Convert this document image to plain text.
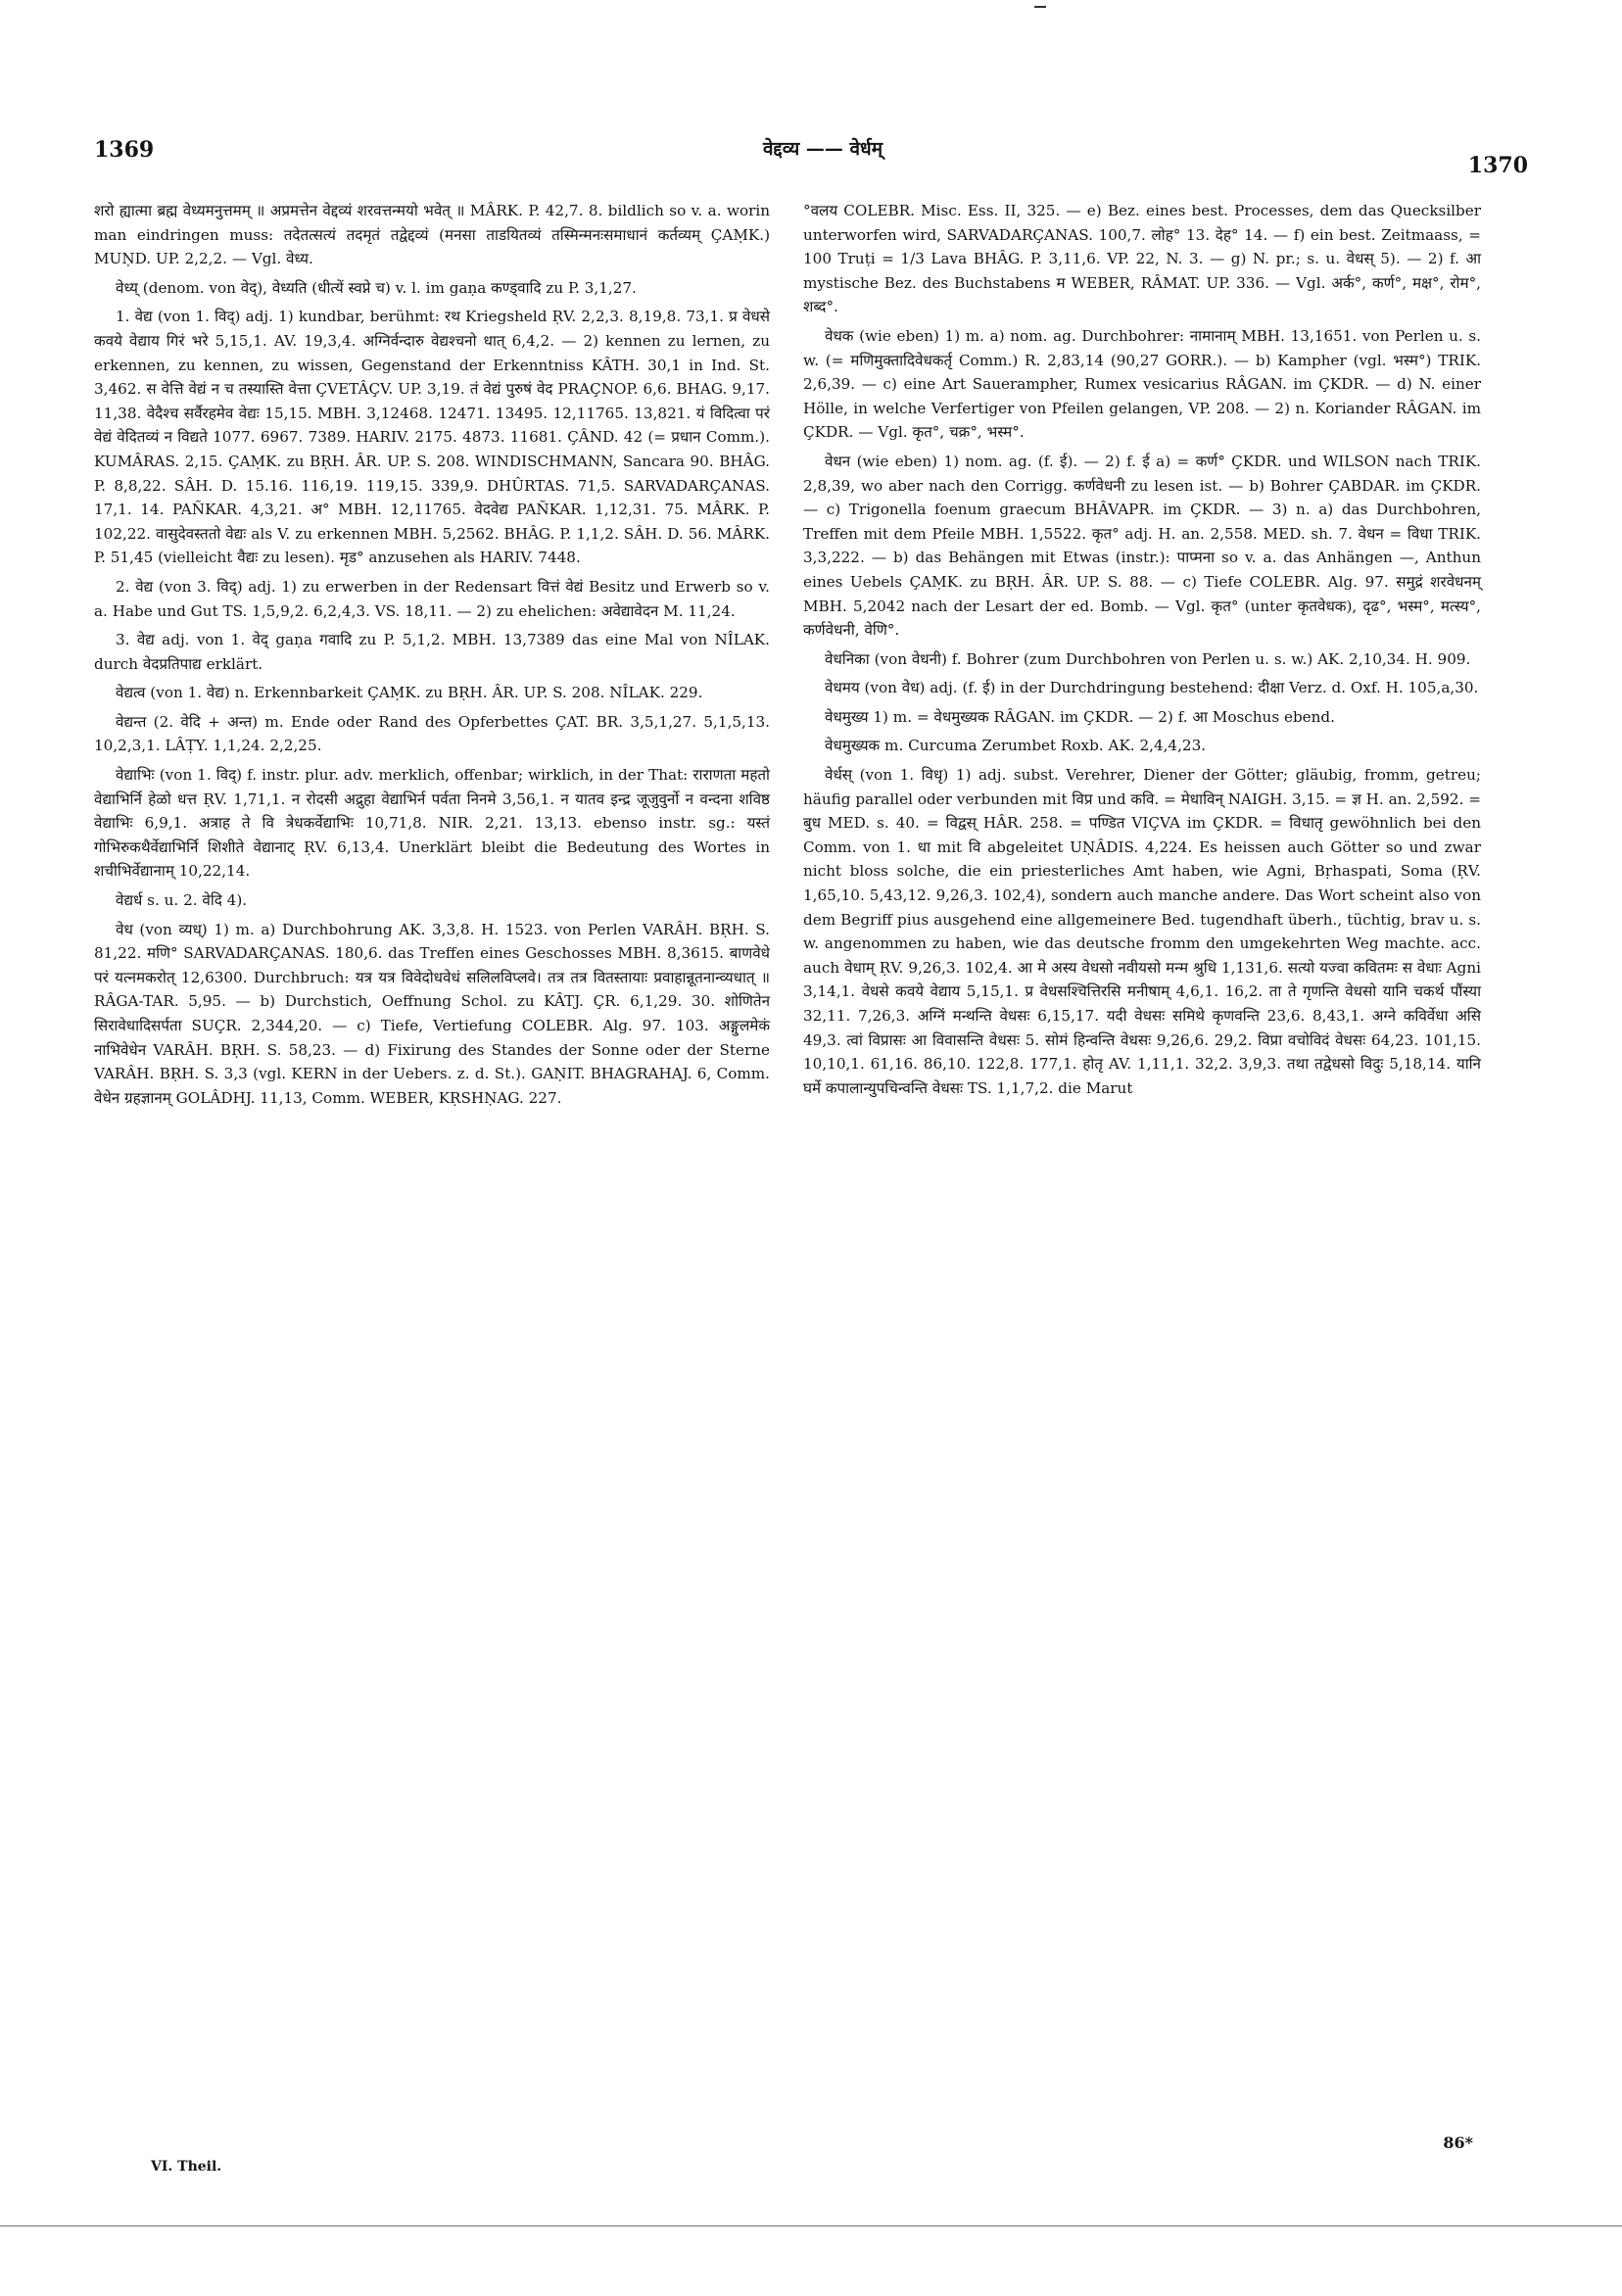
1369	वेद्दव्य —— वेर्धम्
1370

शरो ह्यात्मा ब्रह्म वेध्यमनुत्तमम् ॥ अप्रमत्तेन वेद्दव्यं शरवत्तन्मयो भवेत् ॥ MÂRK. P. 42,7. 8. bildlich so v. a. worin man eindringen muss: तदेतत्सत्यं तदमृतं तद्वेद्दव्यं (मनसा ताडयितव्यं तस्मिन्मनःसमाधानं कर्तव्यम् ÇAṂK.) MUṆD. UP. 2,2,2. — Vgl. वेध्य.

वेध्य् (denom. von वेद्), वेध्यति (धीत्यें स्वप्ने च) v. l. im gaṇa कण्ड्वादि zu P. 3,1,27.

1. वेद्य (von 1. विद्) adj. 1) kundbar, berühmt: रथ Kriegsheld ṚV. 2,2,3. 8,19,8. 73,1. प्र वेधसे कवये वेद्याय गिरं भरे 5,15,1. AV. 19,3,4. अग्निर्वन्दारु वेद्यश्चनो धात् 6,4,2. — 2) kennen zu lernen, zu erkennen, zu kennen, zu wissen, Gegenstand der Erkenntniss KÂTH. 30,1 in Ind. St. 3,462. स वेत्ति वेद्यं न च तस्यास्ति वेत्ता ÇVETÂÇV. UP. 3,19. तं वेद्यं पुरुषं वेद PRAÇNOP. 6,6. BHAG. 9,17. 11,38. वेदैश्च सर्वैरहमेव वेद्यः 15,15. MBH. 3,12468. 12471. 13495. 12,11765. 13,821. यं विदित्वा परं वेद्यं वेदितव्यं न विद्यते 1077. 6967. 7389. HARIV. 2175. 4873. 11681. ÇÂND. 42 (= प्रधान Comm.). KUMÂRAS. 2,15. ÇAṂK. zu BṚH. ÂR. UP. S. 208. WINDISCHMANN, Sancara 90. BHÂG. P. 8,8,22. SÂH. D. 15.16. 116,19. 119,15. 339,9. DHÛRTAS. 71,5. SARVADARÇANAS. 17,1. 14. PAÑKAR. 4,3,21. अ° MBH. 12,11765. वेदवेद्य PAÑKAR. 1,12,31. 75. MÂRK. P. 102,22. वासुदेवस्ततो वेद्यः als V. zu erkennen MBH. 5,2562. BHÂG. P. 1,1,2. SÂH. D. 56. MÂRK. P. 51,45 (vielleicht वैद्यः zu lesen). मृड° anzusehen als HARIV. 7448.

2. वेद्य (von 3. विद्) adj. 1) zu erwerben in der Redensart वित्तं वेद्यं Besitz und Erwerb so v. a. Habe und Gut TS. 1,5,9,2. 6,2,4,3. VS. 18,11. — 2) zu ehelichen: अवेद्यावेदन M. 11,24.

3. वेद्य adj. von 1. वेद् gaṇa गवादि zu P. 5,1,2. MBH. 13,7389 das eine Mal von NÎLAK. durch वेदप्रतिपाद्य erklärt.

वेद्यत्व (von 1. वेद्य) n. Erkennbarkeit ÇAṂK. zu BṚH. ÂR. UP. S. 208. NÎLAK. 229.

वेद्यन्त (2. वेदि + अन्त) m. Ende oder Rand des Opferbettes ÇAT. BR. 3,5,1,27. 5,1,5,13. 10,2,3,1. LÂṬY. 1,1,24. 2,2,25.

वेद्याभिः (von 1. विद्) f. instr. plur. adv. merklich, offenbar; wirklich, in der That: राराणता महतो वेद्याभिर्नि हेळो धत्त ṚV. 1,71,1. न रोदसी अद्रुहा वेद्याभिर्न पर्वता निनमे 3,56,1. न यातव इन्द्र जूजुवुर्नो न वन्दना शविष्ठ वेद्याभिः 6,9,1. अत्राह ते वि त्रेधकर्वेद्याभिः 10,71,8. NIR. 2,21. 13,13. ebenso instr. sg.: यस्तं गोभिरुकथैर्वेद्याभिर्नि शिशीते वेद्यानाट् ṚV. 6,13,4. Unerklärt bleibt die Bedeutung des Wortes in शचीभिर्वेद्यानाम् 10,22,14.

वेद्यर्ध s. u. 2. वेदि 4).

वेध (von व्यध्) 1) m. a) Durchbohrung AK. 3,3,8. H. 1523. von Perlen VARÂH. BṚH. S. 81,22. मणि° SARVADARÇANAS. 180,6. das Treffen eines Geschosses MBH. 8,3615. बाणवेधे परं यत्नमकरोत् 12,6300. Durchbruch: यत्र यत्र विवेदोधवेधं सलिलविप्लवे। तत्र तत्र वितस्तायाः प्रवाहान्नूतनान्व्यधात् ॥ RÂGA-TAR. 5,95. — b) Durchstich, Oeffnung Schol. zu KÂTJ. ÇR. 6,1,29. 30. शोणितेन सिरावेधादिसर्पता SUÇR. 2,344,20. — c) Tiefe, Vertiefung COLEBR. Alg. 97. 103. अङ्गुलमेकं नाभिवेधेन VARÂH. BṚH. S. 58,23. — d) Fixirung des Standes der Sonne oder der Sterne VARÂH. BṚH. S. 3,3 (vgl. KERN in der Uebers. z. d. St.). GAṆIT. BHAGRAHAJ. 6, Comm. वेधेन ग्रहज्ञानम् GOLÂDHJ. 11,13, Comm. WEBER, KṚSHṆAG. 227.

°वलय COLEBR. Misc. Ess. II, 325. — e) Bez. eines best. Processes, dem das Quecksilber unterworfen wird, SARVADARÇANAS. 100,7. लोह° 13. देह° 14. — f) ein best. Zeitmaass, = 100 Truṭi = 1/3 Lava BHÂG. P. 3,11,6. VP. 22, N. 3. — g) N. pr.; s. u. वेधस् 5). — 2) f. आ mystische Bez. des Buchstabens म WEBER, RÂMAT. UP. 336. — Vgl. अर्क°, कर्ण°, मक्ष°, रोम°, शब्द°.

वेधक (wie eben) 1) m. a) nom. ag. Durchbohrer: नामानाम् MBH. 13,1651. von Perlen u. s. w. (= मणिमुक्तादिवेधकर्तृ Comm.) R. 2,83,14 (90,27 GORR.). — b) Kampher (vgl. भस्म°) TRIK. 2,6,39. — c) eine Art Sauerampher, Rumex vesicarius RÂGAN. im ÇKDR. — d) N. einer Hölle, in welche Verfertiger von Pfeilen gelangen, VP. 208. — 2) n. Koriander RÂGAN. im ÇKDR. — Vgl. कृत°, चक्र°, भस्म°.

वेधन (wie eben) 1) nom. ag. (f. ई). — 2) f. ई a) = कर्ण° ÇKDR. und WILSON nach TRIK. 2,8,39, wo aber nach den Corrigg. कर्णवेधनी zu lesen ist. — b) Bohrer ÇABDAR. im ÇKDR. — c) Trigonella foenum graecum BHÂVAPR. im ÇKDR. — 3) n. a) das Durchbohren, Treffen mit dem Pfeile MBH. 1,5522. कृत° adj. H. an. 2,558. MED. sh. 7. वेधन = विधा TRIK. 3,3,222. — b) das Behängen mit Etwas (instr.): पाप्मना so v. a. das Anhängen —, Anthun eines Uebels ÇAṂK. zu BṚH. ÂR. UP. S. 88. — c) Tiefe COLEBR. Alg. 97. समुद्रं शरवेधनम् MBH. 5,2042 nach der Lesart der ed. Bomb. — Vgl. कृत° (unter कृतवेधक), दृढ°, भस्म°, मत्स्य°, कर्णवेधनी, वेणि°.

वेधनिका (von वेधनी) f. Bohrer (zum Durchbohren von Perlen u. s. w.) AK. 2,10,34. H. 909.

वेधमय (von वेध) adj. (f. ई) in der Durchdringung bestehend: दीक्षा Verz. d. Oxf. H. 105,a,30.

वेधमुख्य 1) m. = वेधमुख्यक RÂGAN. im ÇKDR. — 2) f. आ Moschus ebend.

वेधमुख्यक m. Curcuma Zerumbet Roxb. AK. 2,4,4,23.

वेर्धस् (von 1. विधृ) 1) adj. subst. Verehrer, Diener der Götter; gläubig, fromm, getreu; häufig parallel oder verbunden mit विप्र und कवि. = मेधाविन् NAIGH. 3,15. = ज्ञ H. an. 2,592. = बुध MED. s. 40. = विद्वस् HÂR. 258. = पण्डित VIÇVA im ÇKDR. = विधातृ gewöhnlich bei den Comm. von 1. धा mit वि abgeleitet UṆÂDIS. 4,224. Es heissen auch Götter so und zwar nicht bloss solche, die ein priesterliches Amt haben, wie Agni, Bṛhaspati, Soma (ṚV. 1,65,10. 5,43,12. 9,26,3. 102,4), sondern auch manche andere. Das Wort scheint also von dem Begriff pius ausgehend eine allgemeinere Bed. tugendhaft überh., tüchtig, brav u. s. w. angenommen zu haben, wie das deutsche fromm den umgekehrten Weg machte. acc. auch वेधाम् ṚV. 9,26,3. 102,4. आ मे अस्य वेधसो नवीयसो मन्म श्रुधि 1,131,6. सत्यो यज्वा कवितमः स वेधाः Agni 3,14,1. वेधसे कवये वेद्याय 5,15,1. प्र वेधसश्चित्तिरसि मनीषाम् 4,6,1. 16,2. ता ते गृणन्ति वेधसो यानि चकर्थ पौंस्या 32,11. 7,26,3. अग्निं मन्थन्ति वेधसः 6,15,17. यदी वेधसः समिथे कृणवन्ति 23,6. 8,43,1. अग्ने कविर्वेधा असि 49,3. त्वां विप्रासः आ विवासन्ति वेधसः 5. सोमं हिन्वन्ति वेधसः 9,26,6. 29,2. विप्रा वचोविदं वेधसः 64,23. 101,15. 10,10,1. 61,16. 86,10. 122,8. 177,1. होतृ AV. 1,11,1. 32,2. 3,9,3. तथा तद्वेधसो विदुः 5,18,14. यानि घर्मे कपालान्युपचिन्वन्ति वेधसः TS. 1,1,7,2. die Marut

VI. Theil.
86*
